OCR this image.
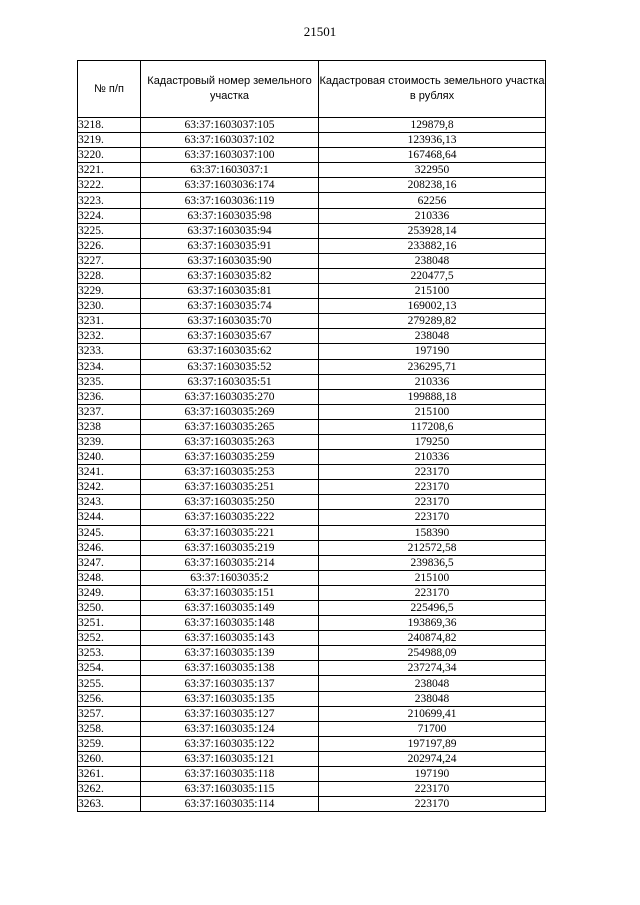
21501
№ п/п	Кадастровый номер земельного участка	Кадастровая стоимость земельного участка в рублях
3218.	63:37:1603037:105	129879,8
3219.	63:37:1603037:102	123936,13
3220.	63:37:1603037:100	167468,64
3221.	63:37:1603037:1	322950
3222.	63:37:1603036:174	208238,16
3223.	63:37:1603036:119	62256
3224.	63:37:1603035:98	210336
3225.	63:37:1603035:94	253928,14
3226.	63:37:1603035:91	233882,16
3227.	63:37:1603035:90	238048
3228.	63:37:1603035:82	220477,5
3229.	63:37:1603035:81	215100
3230.	63:37:1603035:74	169002,13
3231.	63:37:1603035:70	279289,82
3232.	63:37:1603035:67	238048
3233.	63:37:1603035:62	197190
3234.	63:37:1603035:52	236295,71
3235.	63:37:1603035:51	210336
3236.	63:37:1603035:270	199888,18
3237.	63:37:1603035:269	215100
3238	63:37:1603035:265	117208,6
3239.	63:37:1603035:263	179250
3240.	63:37:1603035:259	210336
3241.	63:37:1603035:253	223170
3242.	63:37:1603035:251	223170
3243.	63:37:1603035:250	223170
3244.	63:37:1603035:222	223170
3245.	63:37:1603035:221	158390
3246.	63:37:1603035:219	212572,58
3247.	63:37:1603035:214	239836,5
3248.	63:37:1603035:2	215100
3249.	63:37:1603035:151	223170
3250.	63:37:1603035:149	225496,5
3251.	63:37:1603035:148	193869,36
3252.	63:37:1603035:143	240874,82
3253.	63:37:1603035:139	254988,09
3254.	63:37:1603035:138	237274,34
3255.	63:37:1603035:137	238048
3256.	63:37:1603035:135	238048
3257.	63:37:1603035:127	210699,41
3258.	63:37:1603035:124	71700
3259.	63:37:1603035:122	197197,89
3260.	63:37:1603035:121	202974,24
3261.	63:37:1603035:118	197190
3262.	63:37:1603035:115	223170
3263.	63:37:1603035:114	223170
